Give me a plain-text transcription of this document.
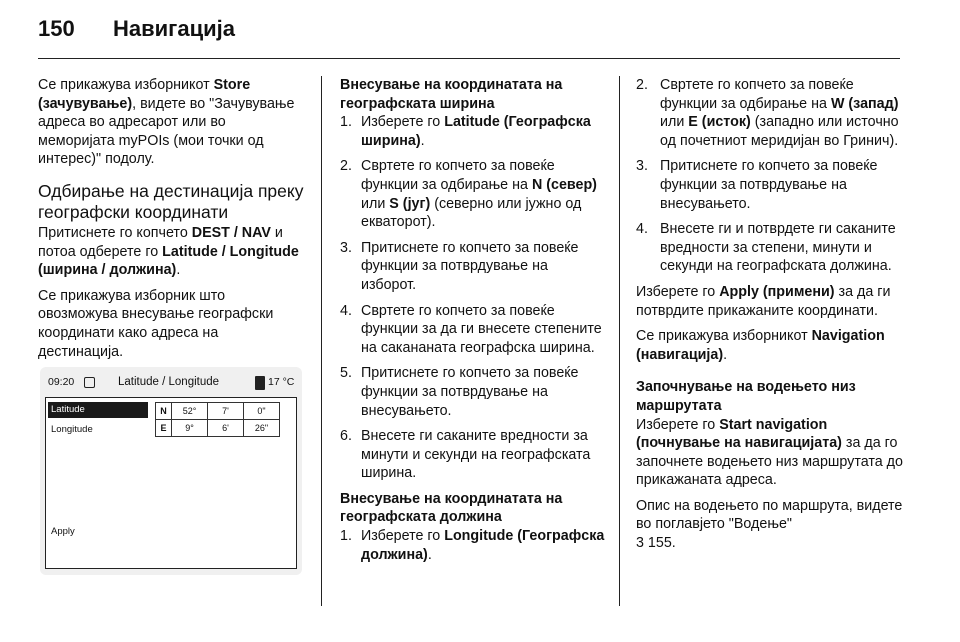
150 Навигација

Се прикажува изборникот Store (зачувување), видете во "Зачувување адреса во адресарот или во меморијата myPOIs (мои точки од интерес)" подолу.

Одбирање на дестинација преку географски координати

Притиснете го копчето DEST / NAV и потоа одберете го Latitude / Longitude (ширина / должина).

Се прикажува изборник што овозможува внесување географски координати како адреса на дестинација.

09:20	Latitude / Longitude	17 °C
Latitude
Longitude
Apply
N	52°	7'	0"
E	9°	6'	26"

Внесување на координатата на географската ширина

1. Изберете го Latitude (Географска ширина).
2. Свртете го копчето за повеќе функции за одбирање на N (север) или S (југ) (северно или јужно од екваторот).
3. Притиснете го копчето за повеќе функции за потврдување на изборот.
4. Свртете го копчето за повеќе функции за да ги внесете степените на сакананата географска ширина.
5. Притиснете го копчето за повеќе функции за потврдување на внесувањето.
6. Внесете ги саканите вредности за минути и секунди на географската ширина.

Внесување на координатата на географската должина

1. Изберете го Longitude (Географска должина).
2. Свртете го копчето за повеќе функции за одбирање на W (запад) или E (исток) (западно или источно од почетниот меридијан во Гринич).
3. Притиснете го копчето за повеќе функции за потврдување на внесувањето.
4. Внесете ги и потврдете ги саканите вредности за степени, минути и секунди на географската должина.

Изберете го Apply (примени) за да ги потврдите прикажаните координати.

Се прикажува изборникот Navigation (навигација).

Започнување на водењето низ маршрутата

Изберете го Start navigation (почнување на навигацијата) за да го започнете водењето низ маршрутата до прикажаната адреса.

Опис на водењето по маршрута, видете во поглавјето "Водење"
3 155.
